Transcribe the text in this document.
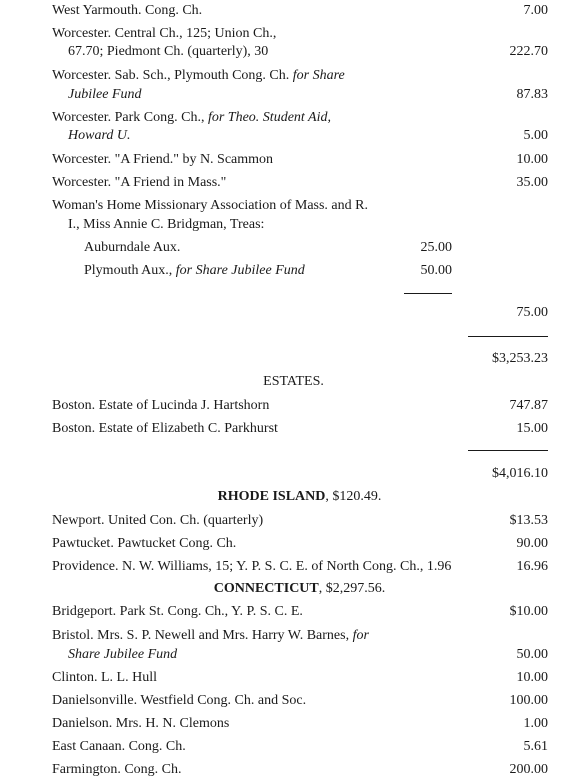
West Yarmouth. Cong. Ch.	7.00
Worcester. Central Ch., 125; Union Ch.,
67.70; Piedmont Ch. (quarterly), 30	222.70
Worcester. Sab. Sch., Plymouth Cong. Ch. for Share
Jubilee Fund	87.83
Worcester. Park Cong. Ch., for Theo. Student Aid,
Howard U.	5.00
Worcester. "A Friend." by N. Scammon	10.00
Worcester. "A Friend in Mass."	35.00
Woman's Home Missionary Association of Mass. and R.
I., Miss Annie C. Bridgman, Treas:
Auburndale Aux.	25.00
Plymouth Aux., for Share Jubilee Fund	50.00
75.00
$3,253.23
ESTATES.
Boston. Estate of Lucinda J. Hartshorn	747.87
Boston. Estate of Elizabeth C. Parkhurst	15.00
$4,016.10
RHODE ISLAND, $120.49.
Newport. United Con. Ch. (quarterly)	$13.53
Pawtucket. Pawtucket Cong. Ch.	90.00
Providence. N. W. Williams, 15; Y. P. S. C. E. of North Cong. Ch., 1.96	16.96
CONNECTICUT, $2,297.56.
Bridgeport. Park St. Cong. Ch., Y. P. S. C. E.	$10.00
Bristol. Mrs. S. P. Newell and Mrs. Harry W. Barnes, for
Share Jubilee Fund	50.00
Clinton. L. L. Hull	10.00
Danielsonville. Westfield Cong. Ch. and Soc.	100.00
Danielson. Mrs. H. N. Clemons	1.00
East Canaan. Cong. Ch.	5.61
Farmington. Cong. Ch.	200.00
